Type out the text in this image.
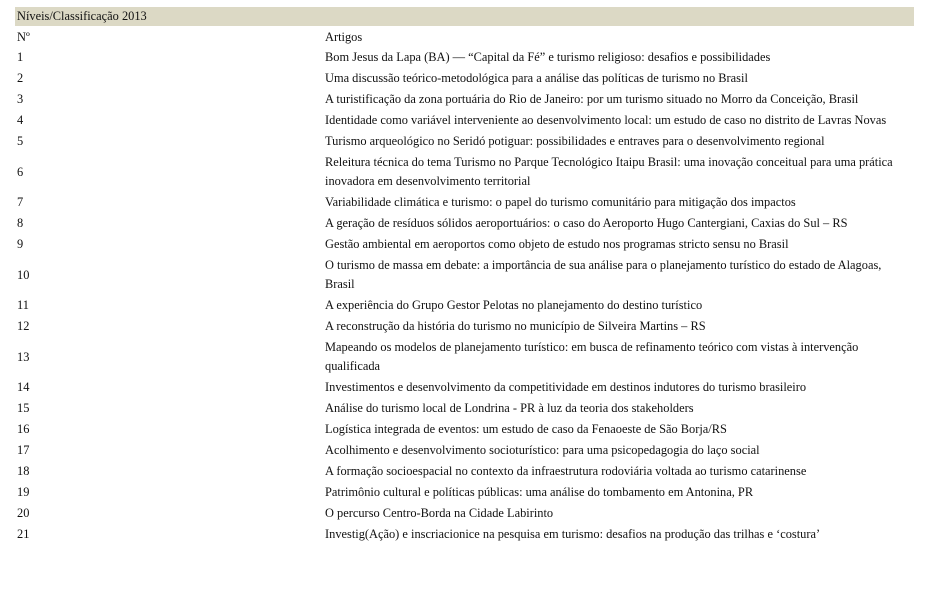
Níveis/Classificação 2013
Nº	Artigos
1	Bom Jesus da Lapa (BA) — “Capital da Fé” e turismo religioso: desafios e possibilidades
2	Uma discussão teórico-metodológica para a análise das políticas de turismo no Brasil
3	A turistificação da zona portuária do Rio de Janeiro: por um turismo situado no Morro da Conceição, Brasil
4	Identidade como variável interveniente ao desenvolvimento local: um estudo de caso no distrito de Lavras Novas
5	Turismo arqueológico no Seridó potiguar: possibilidades e entraves para o desenvolvimento regional
6	Releitura técnica do tema Turismo no Parque Tecnológico Itaipu Brasil: uma inovação conceitual para uma prática inovadora em desenvolvimento territorial
7	Variabilidade climática e turismo: o papel do turismo comunitário para mitigação dos impactos
8	A geração de resíduos sólidos aeroportuários: o caso do Aeroporto Hugo Cantergiani, Caxias do Sul – RS
9	Gestão ambiental em aeroportos como objeto de estudo nos programas stricto sensu no Brasil
10	O turismo de massa em debate: a importância de sua análise para o planejamento turístico do estado de Alagoas, Brasil
11	A experiência do Grupo Gestor Pelotas no planejamento do destino turístico
12	A reconstrução da história do turismo no município de Silveira Martins – RS
13	Mapeando os modelos de planejamento turístico: em busca de refinamento teórico com vistas à intervenção qualificada
14	Investimentos e desenvolvimento da competitividade em destinos indutores do turismo brasileiro
15	Análise do turismo local de Londrina - PR à luz da teoria dos stakeholders
16	Logística integrada de eventos: um estudo de caso da Fenaoeste de São Borja/RS
17	Acolhimento e desenvolvimento socioturístico: para uma psicopedagogia do laço social
18	A formação socioespacial no contexto da infraestrutura rodoviária voltada ao turismo catarinense
19	Patrimônio cultural e políticas públicas: uma análise do tombamento em Antonina, PR
20	O percurso Centro-Borda na Cidade Labirinto
21	Investig(Ação) e inscriacionice na pesquisa em turismo: desafios na produção das trilhas e ‘costura’
